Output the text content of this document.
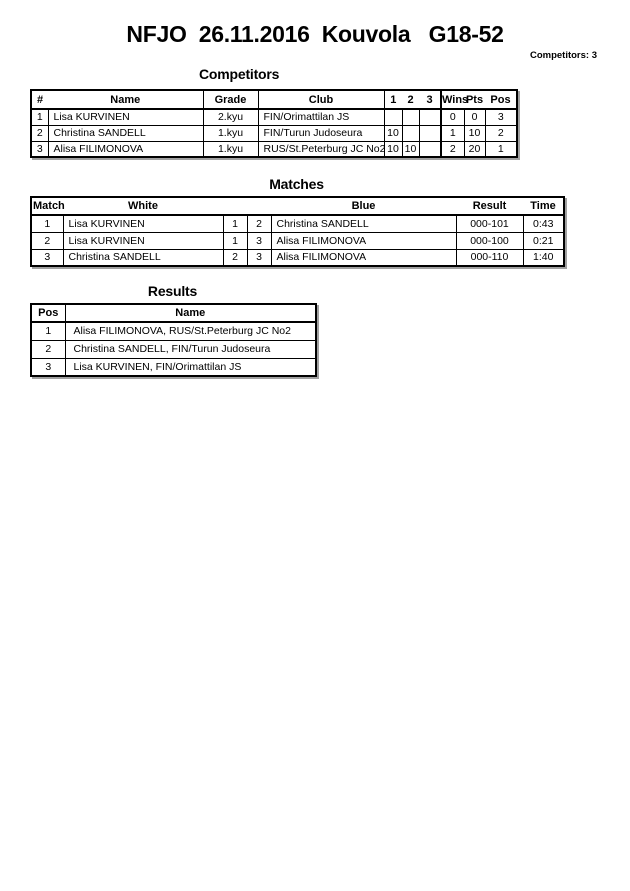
NFJO  26.11.2016  Kouvola   G18-52
Competitors: 3
Competitors
#	Name	Grade	Club	1	2	3	Wins	Pts	Pos
1	Lisa KURVINEN	2.kyu	FIN/Orimattilan JS				0	0	3
2	Christina SANDELL	1.kyu	FIN/Turun Judoseura	10			1	10	2
3	Alisa FILIMONOVA	1.kyu	RUS/St.Peterburg JC No2	10	10		2	20	1
Matches
Match	White			Blue	Result	Time
1	Lisa KURVINEN	1	2	Christina SANDELL	000-101	0:43
2	Lisa KURVINEN	1	3	Alisa FILIMONOVA	000-100	0:21
3	Christina SANDELL	2	3	Alisa FILIMONOVA	000-110	1:40
Results
Pos	Name
1	Alisa FILIMONOVA, RUS/St.Peterburg JC No2
2	Christina SANDELL, FIN/Turun Judoseura
3	Lisa KURVINEN, FIN/Orimattilan JS
